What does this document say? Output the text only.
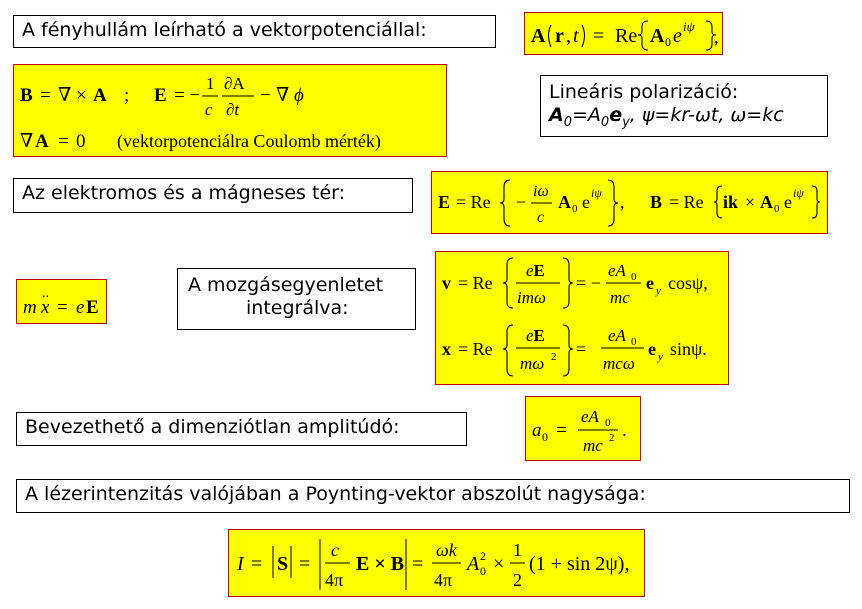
A fényhullám leírható a vektorpotenciállal:
Lineáris polarizáció:
$A_0=A_0e_y$, ψ=kr-ωt, ω=kc
Az elektromos és a mágneses tér:
A mozgásegyenletet
integrálva:
Bevezethető a dimenziótlan amplitúdó:
A lézerintenzitás valójában a Poynting-vektor abszolút nagysága:
A r , t = Re A 0 e iψ
,
B = ∇ × A ; E = −
1
c
∂A
∂t
− ∇ ϕ
∇ A = 0 (vektorpotenciálra Coulomb mérték)
E = Re −
iω
c
A 0 e iψ , B = Re ik × A 0 e iψ
m x
..
= e E
v = Re
eE
imω
= −
eA 0
mc
e y cosψ,
x = Re
eE
mω 2 =
eA 0
mcω
e y sinψ.
a 0 =
eA 0
mc 2 .
I = S =
c
4π
E × B =
ωk
4π
A 0
2 ×
1
2
(1 + sin 2ψ),
